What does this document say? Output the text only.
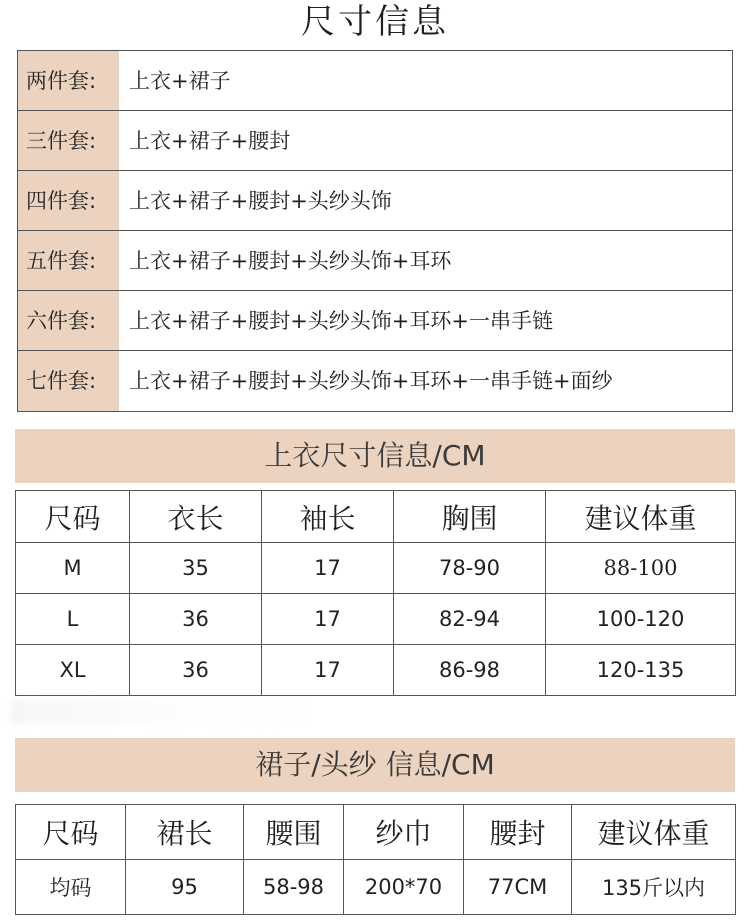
尺寸信息
两件套:	上衣+裙子
三件套:	上衣+裙子+腰封
四件套:	上衣+裙子+腰封+头纱头饰
五件套:	上衣+裙子+腰封+头纱头饰+耳环
六件套:	上衣+裙子+腰封+头纱头饰+耳环+一串手链
七件套:	上衣+裙子+腰封+头纱头饰+耳环+一串手链+面纱
上衣尺寸信息/CM
尺码	衣长	袖长	胸围	建议体重
M	35	17	78-90	88-100
L	36	17	82-94	100-120
XL	36	17	86-98	120-135
裙子/头纱 信息/CM
尺码	裙长	腰围	纱巾	腰封	建议体重
均码	95	58-98	200*70	77CM	135斤以内
